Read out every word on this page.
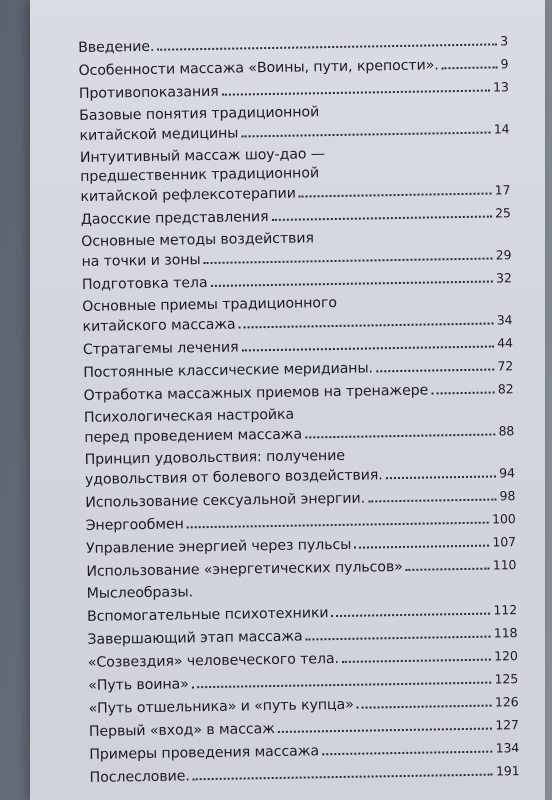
Введение.	3
Особенности массажа «Воины, пути, крепости».	9
Противопоказания	13
Базовые понятия традиционной
китайской медицины	14
Интуитивный массаж шоу-дао —
предшественник традиционной
китайской рефлексотерапии	17
Даосские представления	25
Основные методы воздействия
на точки и зоны	29
Подготовка тела	32
Основные приемы традиционного
китайского массажа	34
Стратагемы лечения	44
Постоянные классические меридианы.	72
Отработка массажных приемов на тренажере	82
Психологическая настройка
перед проведением массажа	88
Принцип удовольствия: получение
удовольствия от болевого воздействия.	94
Использование сексуальной энергии.	98
Энергообмен	100
Управление энергией через пульсы	107
Использование «энергетических пульсов»	110
Мыслеобразы.
Вспомогательные психотехники	112
Завершающий этап массажа	118
«Созвездия» человеческого тела.	120
«Путь воина»	125
«Путь отшельника» и «путь купца»	126
Первый «вход» в массаж	127
Примеры проведения массажа	134
Послесловие.	191
